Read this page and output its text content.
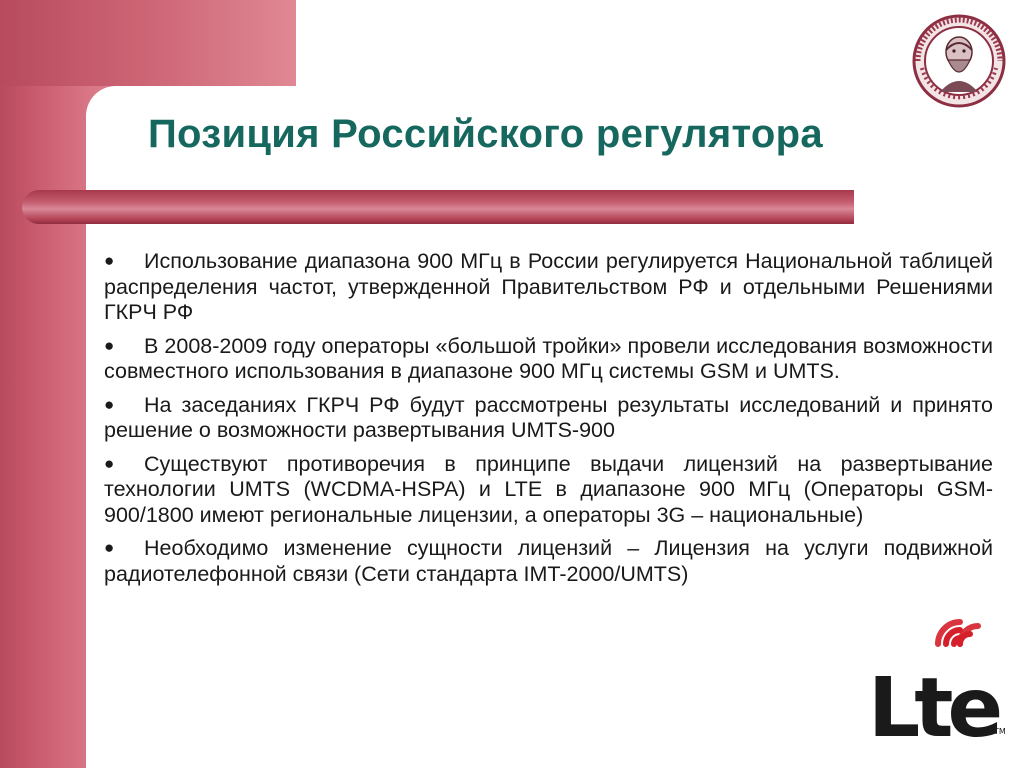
Позиция Российского регулятора
● Использование диапазона 900 МГц в России регулируется Национальной таблицей распределения частот, утвержденной Правительством РФ и отдельными Решениями ГКРЧ РФ
● В 2008-2009 году операторы «большой тройки» провели исследования возможности совместного использования в диапазоне 900 МГц системы GSM и UMTS.
● На заседаниях ГКРЧ РФ будут рассмотрены результаты исследований и принято решение о возможности развертывания UMTS-900
● Существуют противоречия в принципе выдачи лицензий на развертывание технологии UMTS (WCDMA-HSPA) и LTE в диапазоне 900 МГц (Операторы GSM-900/1800 имеют региональные лицензии, а операторы 3G – национальные)
● Необходимо изменение сущности лицензий – Лицензия на услуги подвижной радиотелефонной связи (Сети стандарта IMT-2000/UMTS)
Lte
TM
